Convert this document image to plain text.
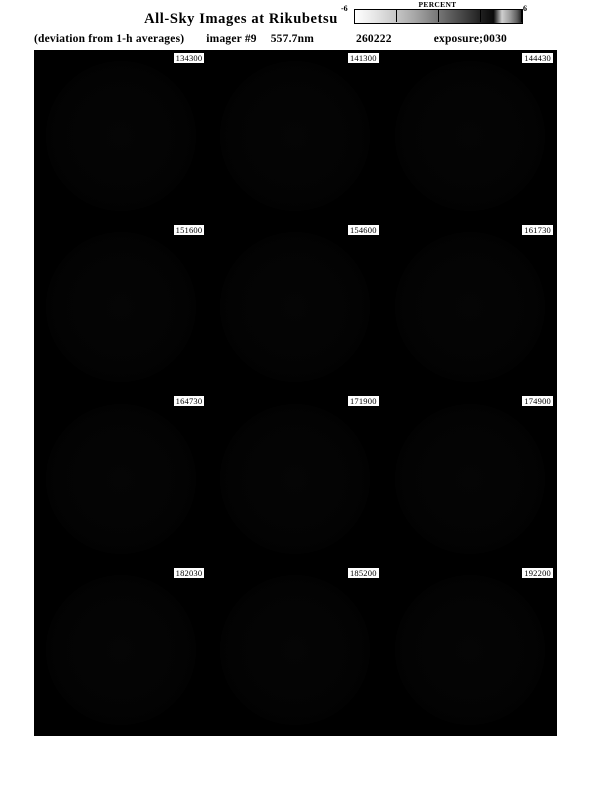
All-Sky Images at Rikubetsu
(deviation from 1-h averages) imager #9 557.7nm	260222	exposure;0030
PERCENT
-6	6
134300	141300	144430
151600	154600	161730
164730	171900	174900
182030	185200	192200
